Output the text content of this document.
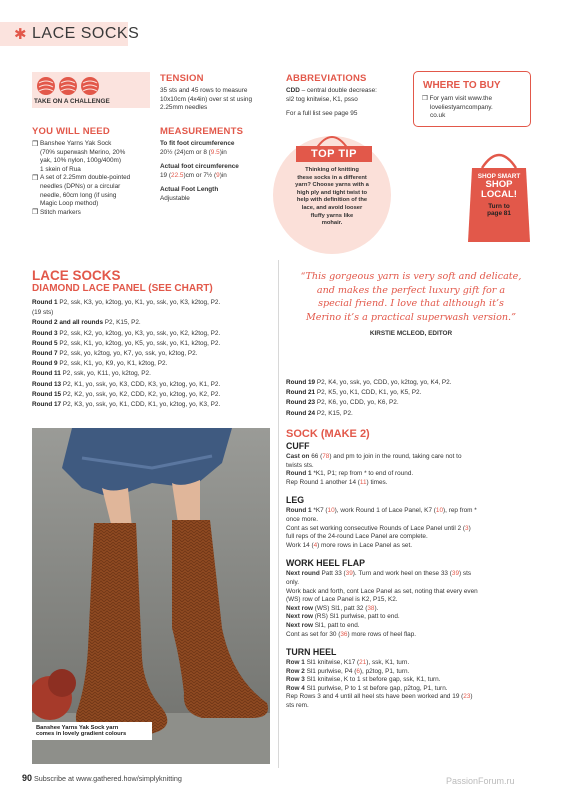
✱ LACE SOCKS
TAKE ON A CHALLENGE
YOU WILL NEED
❒ Banshee Yarns Yak Sock
(70% superwash Merino, 20%
yak, 10% nylon, 100g/400m)
1 skein of Rua
❒ A set of 2.25mm double-pointed
needles (DPNs) or a circular
needle, 60cm long (if using
Magic Loop method)
❒ Stitch markers
TENSION
35 sts and 45 rows to measure
10x10cm (4x4in) over st st using
2.25mm needles
MEASUREMENTS
To fit foot circumference
20½ (24)cm or 8 (9.5)in
Actual foot circumference
19 (22.5)cm or 7½ (9)in
Actual Foot Length
Adjustable
ABBREVIATIONS
CDD – central double decrease:
sl2 tog knitwise, K1, psso
For a full list see page 95
WHERE TO BUY
❒ For yarn visit www.the
loveliestyarncompany.
co.uk
TOP TIP
Thinking of knitting
these socks in a different
yarn? Choose yarns with a
high ply and tight twist to
help with definition of the
lace, and avoid looser
fluffy yarns like
mohair.
SHOP SMART
SHOP
LOCAL!
Turn to
page 81
LACE SOCKS
DIAMOND LACE PANEL (SEE CHART)
Round 1 P2, ssk, K3, yo, k2tog, yo, K1, yo, ssk, yo, K3, k2tog, P2.
(19 sts)
Round 2 and all rounds P2, K15, P2.
Round 3 P2, ssk, K2, yo, k2tog, yo, K3, yo, ssk, yo, K2, k2tog, P2.
Round 5 P2, ssk, K1, yo, k2tog, yo, K5, yo, ssk, yo, K1, k2tog, P2.
Round 7 P2, ssk, yo, k2tog, yo, K7, yo, ssk, yo, k2tog, P2.
Round 9 P2, ssk, K1, yo, K9, yo, K1, k2tog, P2.
Round 11 P2, ssk, yo, K11, yo, k2tog, P2.
Round 13 P2, K1, yo, ssk, yo, K3, CDD, K3, yo, k2tog, yo, K1, P2.
Round 15 P2, K2, yo, ssk, yo, K2, CDD, K2, yo, k2tog, yo, K2, P2.
Round 17 P2, K3, yo, ssk, yo, K1, CDD, K1, yo, k2tog, yo, K3, P2.
“This gorgeous yarn is very soft and delicate,
and makes the perfect luxury gift for a
special friend. I love that although it’s
Merino it’s a practical superwash version.”
KIRSTIE MCLEOD, EDITOR
Round 19 P2, K4, yo, ssk, yo, CDD, yo, k2tog, yo, K4, P2.
Round 21 P2, K5, yo, K1, CDD, K1, yo, K5, P2.
Round 23 P2, K6, yo, CDD, yo, K6, P2.
Round 24 P2, K15, P2.
SOCK (MAKE 2)
CUFF
Cast on 66 (78) and pm to join in the round, taking care not to
twists sts.
Round 1 *K1, P1; rep from * to end of round.
Rep Round 1 another 14 (11) times.
LEG
Round 1 *K7 (10), work Round 1 of Lace Panel, K7 (10), rep from *
once more.
Cont as set working consecutive Rounds of Lace Panel until 2 (3)
full reps of the 24-round Lace Panel are complete.
Work 14 (4) more rows in Lace Panel as set.
WORK HEEL FLAP
Next round Patt 33 (39). Turn and work heel on these 33 (39) sts
only.
Work back and forth, cont Lace Panel as set, noting that every even
(WS) row of Lace Panel is K2, P15, K2.
Next row (WS) Sl1, patt 32 (38).
Next row (RS) Sl1 purlwise, patt to end.
Next row Sl1, patt to end.
Cont as set for 30 (36) more rows of heel flap.
TURN HEEL
Row 1 Sl1 knitwise, K17 (21), ssk, K1, turn.
Row 2 Sl1 purlwise, P4 (6), p2tog, P1, turn.
Row 3 Sl1 knitwise, K to 1 st before gap, ssk, K1, turn.
Row 4 Sl1 purlwise, P to 1 st before gap, p2tog, P1, turn.
Rep Rows 3 and 4 until all heel sts have been worked and 19 (23)
sts rem.
Banshee Yarns Yak Sock yarn
comes in lovely gradient colours
90 Subscribe at www.gathered.how/simplyknitting	PassionForum.ru
